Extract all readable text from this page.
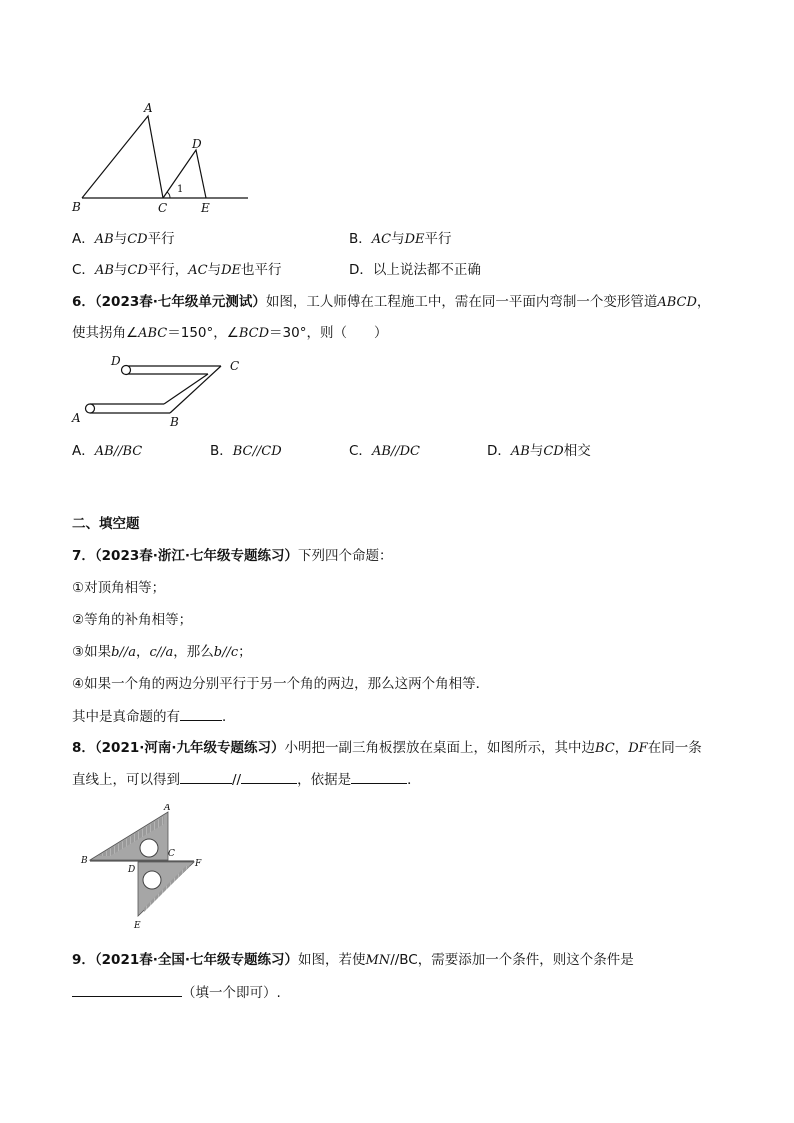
A
B	C
D
E
1
A．AB与CD平行	B．AC与DE平行
C．AB与CD平行，AC与DE也平行	D．以上说法都不正确
6．（2023春·七年级单元测试）如图，工人师傅在工程施工中，需在同一平面内弯制一个变形管道ABCD，
使其拐角∠ABC＝150°，∠BCD＝30°，则（　　）
D	C
A	B
A．AB//BC	B．BC//CD	C．AB//DC	D．AB与CD相交
二、填空题
7．（2023春·浙江·七年级专题练习）下列四个命题：
①对顶角相等；
②等角的补角相等；
③如果b//a，c//a，那么b//c；
④如果一个角的两边分别平行于另一个角的两边，那么这两个角相等．
其中是真命题的有	．
8．（2021·河南·九年级专题练习）小明把一副三角板摆放在桌面上，如图所示，其中边BC，DF在同一条
直线上，可以得到	//	，依据是	．
A
B
C
D
E
F
9．（2021春·全国·七年级专题练习）如图，若使MN//BC，需要添加一个条件，则这个条件是
（填一个即可）.
